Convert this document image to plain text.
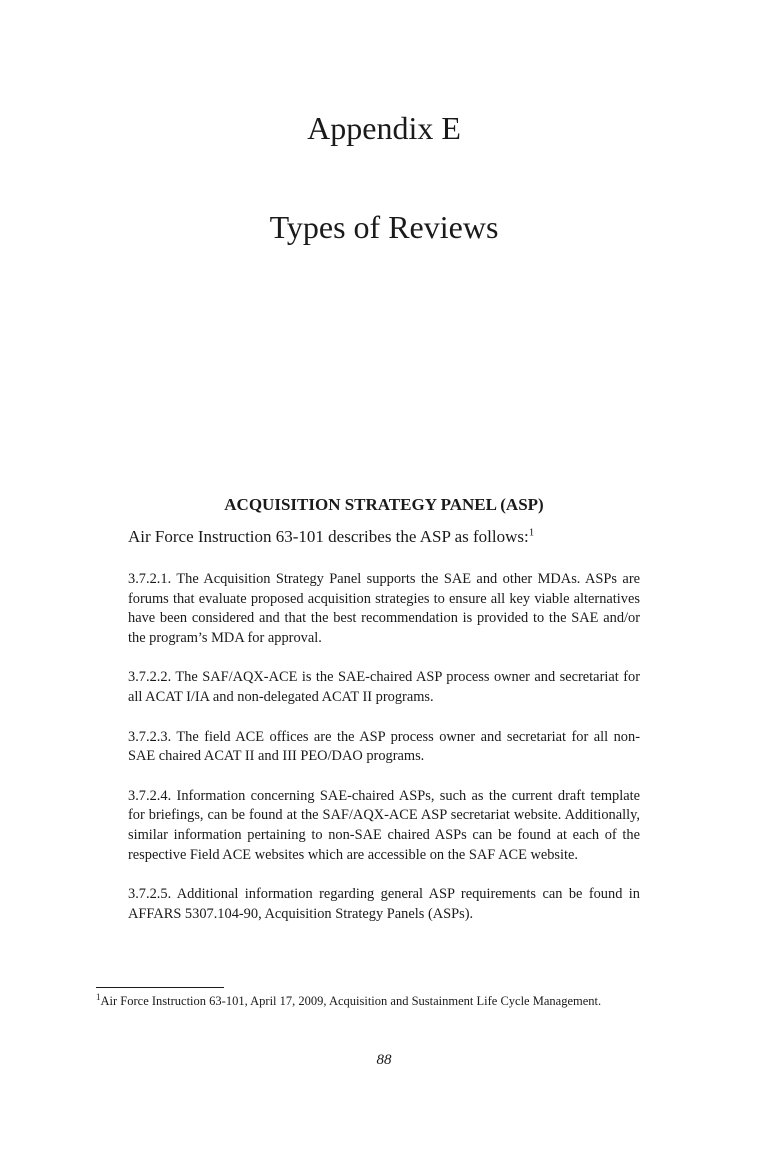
Appendix E
Types of Reviews
ACQUISITION STRATEGY PANEL (ASP)

Air Force Instruction 63-101 describes the ASP as follows:$^1$

3.7.2.1. The Acquisition Strategy Panel supports the SAE and other MDAs. ASPs are forums that evaluate proposed acquisition strategies to ensure all key viable alternatives have been considered and that the best recommendation is provided to the SAE and/or the program’s MDA for approval.

3.7.2.2. The SAF/AQX-ACE is the SAE-chaired ASP process owner and secretariat for all ACAT I/IA and non-delegated ACAT II programs.

3.7.2.3. The field ACE offices are the ASP process owner and secretariat for all non-SAE chaired ACAT II and III PEO/DAO programs.

3.7.2.4. Information concerning SAE-chaired ASPs, such as the current draft template for briefings, can be found at the SAF/AQX-ACE ASP secretariat website. Additionally, similar information pertaining to non-SAE chaired ASPs can be found at each of the respective Field ACE websites which are accessible on the SAF ACE website.

3.7.2.5. Additional information regarding general ASP requirements can be found in AFFARS 5307.104-90, Acquisition Strategy Panels (ASPs).

$^1$Air Force Instruction 63-101, April 17, 2009, Acquisition and Sustainment Life Cycle Management.

88
